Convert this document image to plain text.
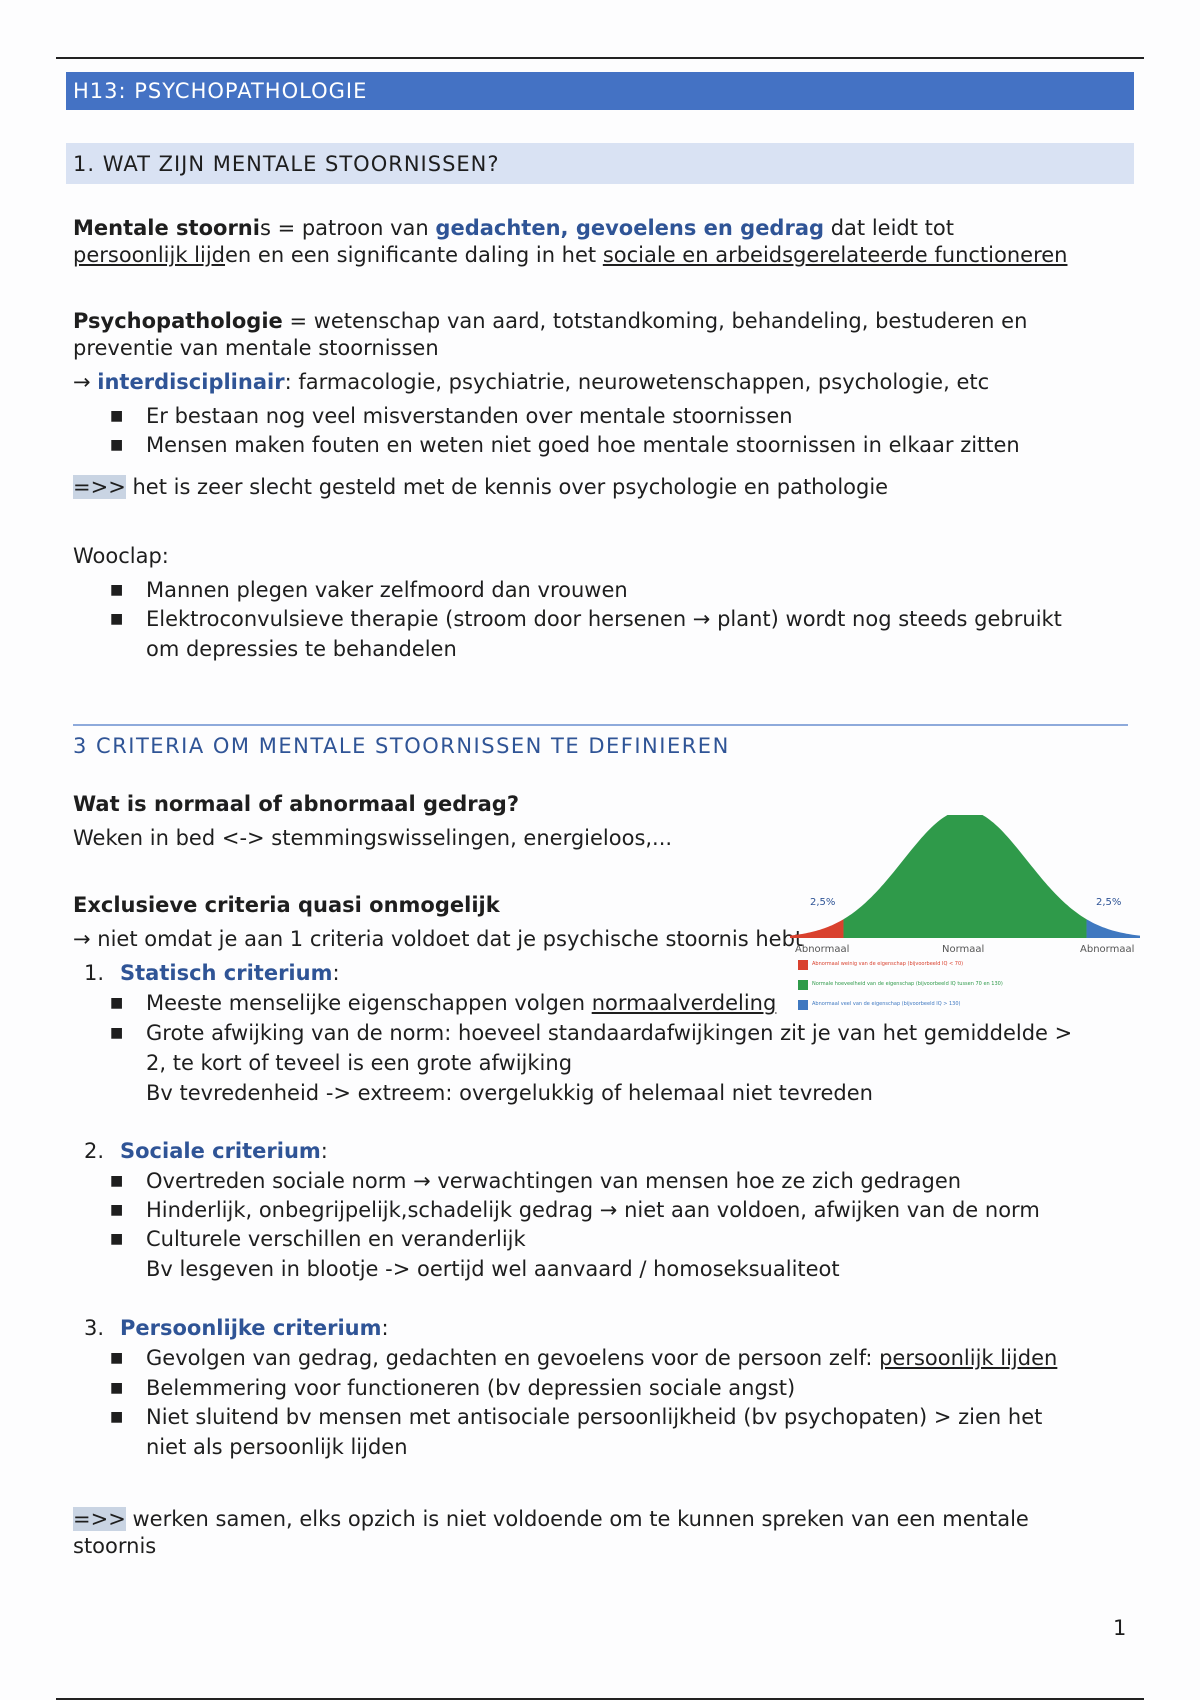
H13: PSYCHOPATHOLOGIE
1. WAT ZIJN MENTALE STOORNISSEN?

Mentale stoornis = patroon van gedachten, gevoelens en gedrag dat leidt tot
persoonlijk lijden en een significante daling in het sociale en arbeidsgerelateerde functioneren

Psychopathologie = wetenschap van aard, totstandkoming, behandeling, bestuderen en
preventie van mentale stoornissen

→ interdisciplinair: farmacologie, psychiatrie, neurowetenschappen, psychologie, etc

■ Er bestaan nog veel misverstanden over mentale stoornissen
■ Mensen maken fouten en weten niet goed hoe mentale stoornissen in elkaar zitten

=>> het is zeer slecht gesteld met de kennis over psychologie en pathologie

Wooclap:

■ Mannen plegen vaker zelfmoord dan vrouwen
■ Elektroconvulsieve therapie (stroom door hersenen → plant) wordt nog steeds gebruikt
om depressies te behandelen
3 CRITERIA OM MENTALE STOORNISSEN TE DEFINIEREN

Wat is normaal of abnormaal gedrag?

Weken in bed <-> stemmingswisselingen, energieloos,...

Exclusieve criteria quasi onmogelijk

→ niet omdat je aan 1 criteria voldoet dat je psychische stoornis hebt

2,5%	2,5%
Abnormaal	Normaal	Abnormaal
Abnormaal weinig van de eigenschap (bijvoorbeeld IQ < 70)
Normale hoeveelheid van de eigenschap (bijvoorbeeld IQ tussen 70 en 130)
Abnormaal veel van de eigenschap (bijvoorbeeld IQ > 130)
1. Statisch criterium:
■ Meeste menselijke eigenschappen volgen normaalverdeling
■ Grote afwijking van de norm: hoeveel standaardafwijkingen zit je van het gemiddelde >
2, te kort of teveel is een grote afwijking
Bv tevredenheid -> extreem: overgelukkig of helemaal niet tevreden
2. Sociale criterium:
■ Overtreden sociale norm → verwachtingen van mensen hoe ze zich gedragen
■ Hinderlijk, onbegrijpelijk,schadelijk gedrag → niet aan voldoen, afwijken van de norm
■ Culturele verschillen en veranderlijk
Bv lesgeven in blootje -> oertijd wel aanvaard / homoseksualiteot
3. Persoonlijke criterium:
■ Gevolgen van gedrag, gedachten en gevoelens voor de persoon zelf: persoonlijk lijden
■ Belemmering voor functioneren (bv depressien sociale angst)
■ Niet sluitend bv mensen met antisociale persoonlijkheid (bv psychopaten) > zien het
niet als persoonlijk lijden

=>> werken samen, elks opzich is niet voldoende om te kunnen spreken van een mentale
stoornis

1
